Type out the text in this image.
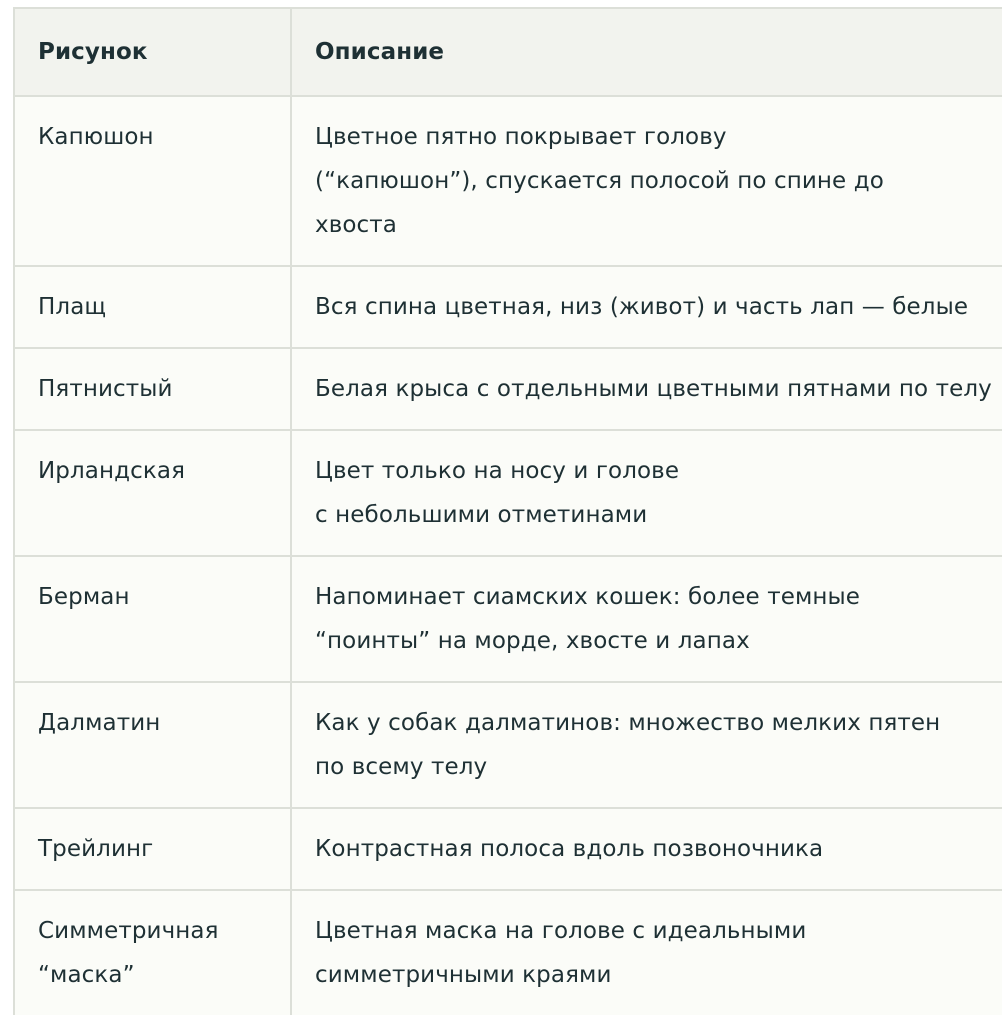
Рисунок	Описание
Капюшон	Цветное пятно покрывает голову (“капюшон”), спускается полосой по спине до хвоста

Плащ	Вся спина цветная, низ (живот) и часть лап — белые
Пятнистый	Белая крыса с отдельными цветными пятнами по телу

Ирландская	Цвет только на носу и голове с небольшими отметинами

Берман	Напоминает сиамских кошек: более темные “поинты” на морде, хвосте и лапах

Далматин	Как у собак далматинов: множество мелких пятен по всему телу

Трейлинг	Контрастная полоса вдоль позвоночника

Симметричная “маска”	Цветная маска на голове с идеальными симметричными краями
